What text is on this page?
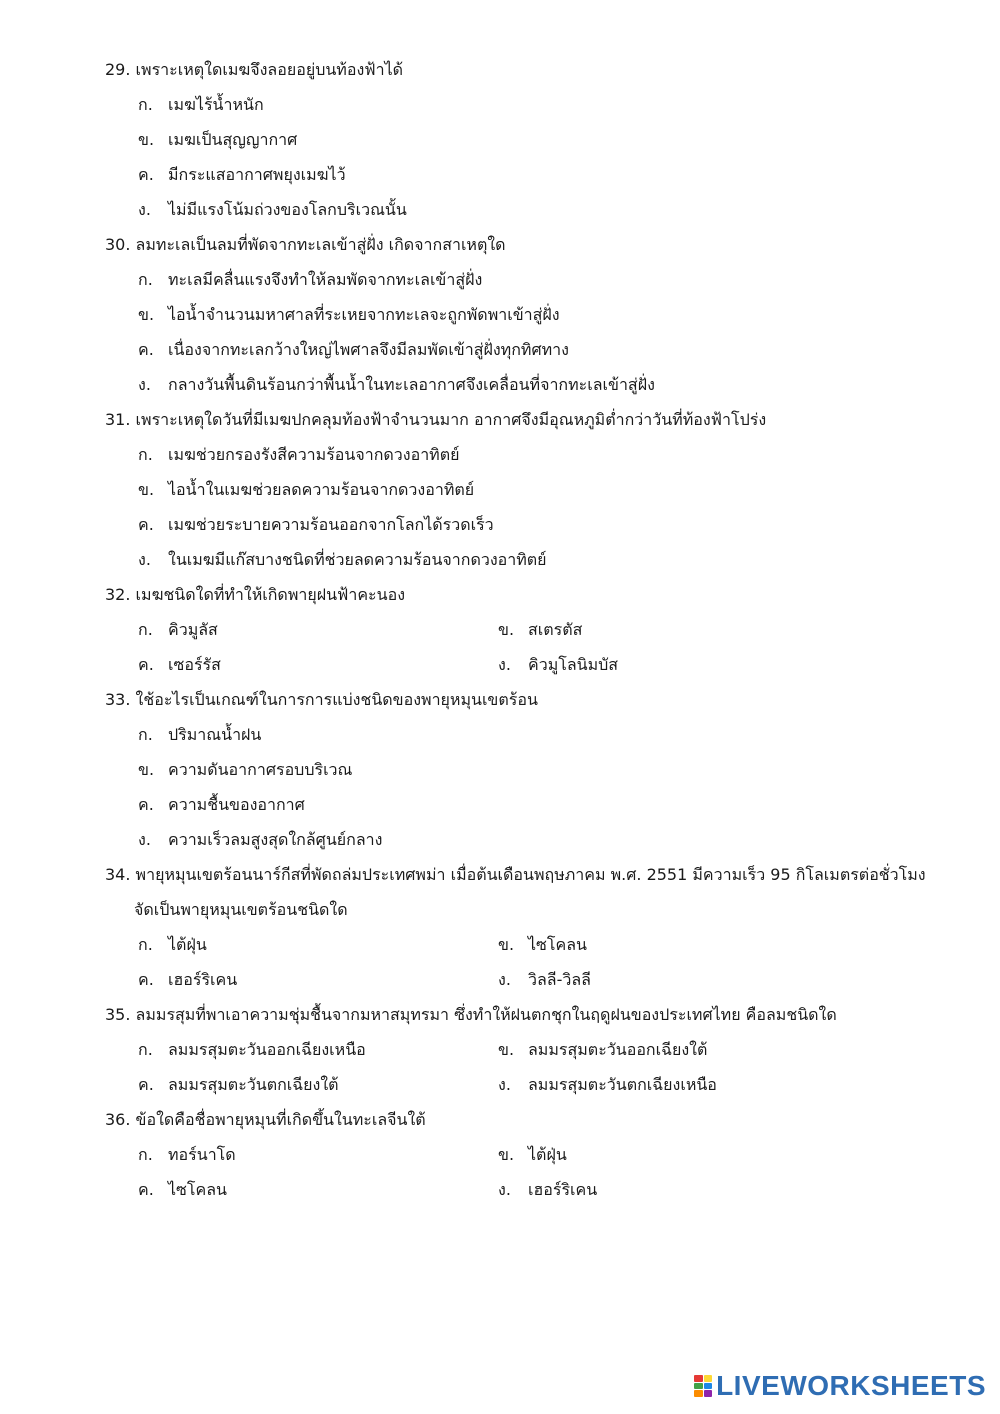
29. เพราะเหตุใดเมฆจึงลอยอยู่บนท้องฟ้าได้
ก. เมฆไร้น้ำหนัก
ข. เมฆเป็นสุญญากาศ
ค. มีกระแสอากาศพยุงเมฆไว้
ง.	ไม่มีแรงโน้มถ่วงของโลกบริเวณนั้น
30. ลมทะเลเป็นลมที่พัดจากทะเลเข้าสู่ฝั่ง เกิดจากสาเหตุใด
ก. ทะเลมีคลื่นแรงจึงทำให้ลมพัดจากทะเลเข้าสู่ฝั่ง
ข. ไอน้ำจำนวนมหาศาลที่ระเหยจากทะเลจะถูกพัดพาเข้าสู่ฝั่ง
ค. เนื่องจากทะเลกว้างใหญ่ไพศาลจึงมีลมพัดเข้าสู่ฝั่งทุกทิศทาง
ง.	กลางวันพื้นดินร้อนกว่าพื้นน้ำในทะเลอากาศจึงเคลื่อนที่จากทะเลเข้าสู่ฝั่ง
31. เพราะเหตุใดวันที่มีเมฆปกคลุมท้องฟ้าจำนวนมาก อากาศจึงมีอุณหภูมิต่ำกว่าวันที่ท้องฟ้าโปร่ง
ก. เมฆช่วยกรองรังสีความร้อนจากดวงอาทิตย์
ข. ไอน้ำในเมฆช่วยลดความร้อนจากดวงอาทิตย์
ค. เมฆช่วยระบายความร้อนออกจากโลกได้รวดเร็ว
ง.	ในเมฆมีแก๊สบางชนิดที่ช่วยลดความร้อนจากดวงอาทิตย์
32. เมฆชนิดใดที่ทำให้เกิดพายุฝนฟ้าคะนอง
ก. คิวมูลัส	ข. สเตรตัส
ค. เซอร์รัส	ง.	คิวมูโลนิมบัส
33. ใช้อะไรเป็นเกณฑ์ในการการแบ่งชนิดของพายุหมุนเขตร้อน
ก. ปริมาณน้ำฝน
ข. ความดันอากาศรอบบริเวณ
ค. ความชื้นของอากาศ
ง.	ความเร็วลมสูงสุดใกล้ศูนย์กลาง
34. พายุหมุนเขตร้อนนาร์กีสที่พัดถล่มประเทศพม่า เมื่อต้นเดือนพฤษภาคม พ.ศ. 2551 มีความเร็ว 95 กิโลเมตรต่อชั่วโมง
จัดเป็นพายุหมุนเขตร้อนชนิดใด
ก. ไต้ฝุ่น	ข. ไซโคลน
ค. เฮอร์ริเคน	ง.	วิลลี-วิลลี
35. ลมมรสุมที่พาเอาความชุ่มชื้นจากมหาสมุทรมา ซึ่งทำให้ฝนตกชุกในฤดูฝนของประเทศไทย คือลมชนิดใด
ก. ลมมรสุมตะวันออกเฉียงเหนือ	ข. ลมมรสุมตะวันออกเฉียงใต้
ค. ลมมรสุมตะวันตกเฉียงใต้	ง.	ลมมรสุมตะวันตกเฉียงเหนือ
36. ข้อใดคือชื่อพายุหมุนที่เกิดขึ้นในทะเลจีนใต้
ก. ทอร์นาโด	ข. ไต้ฝุ่น
ค. ไซโคลน	ง.	เฮอร์ริเคน
LIVEWORKSHEETS
